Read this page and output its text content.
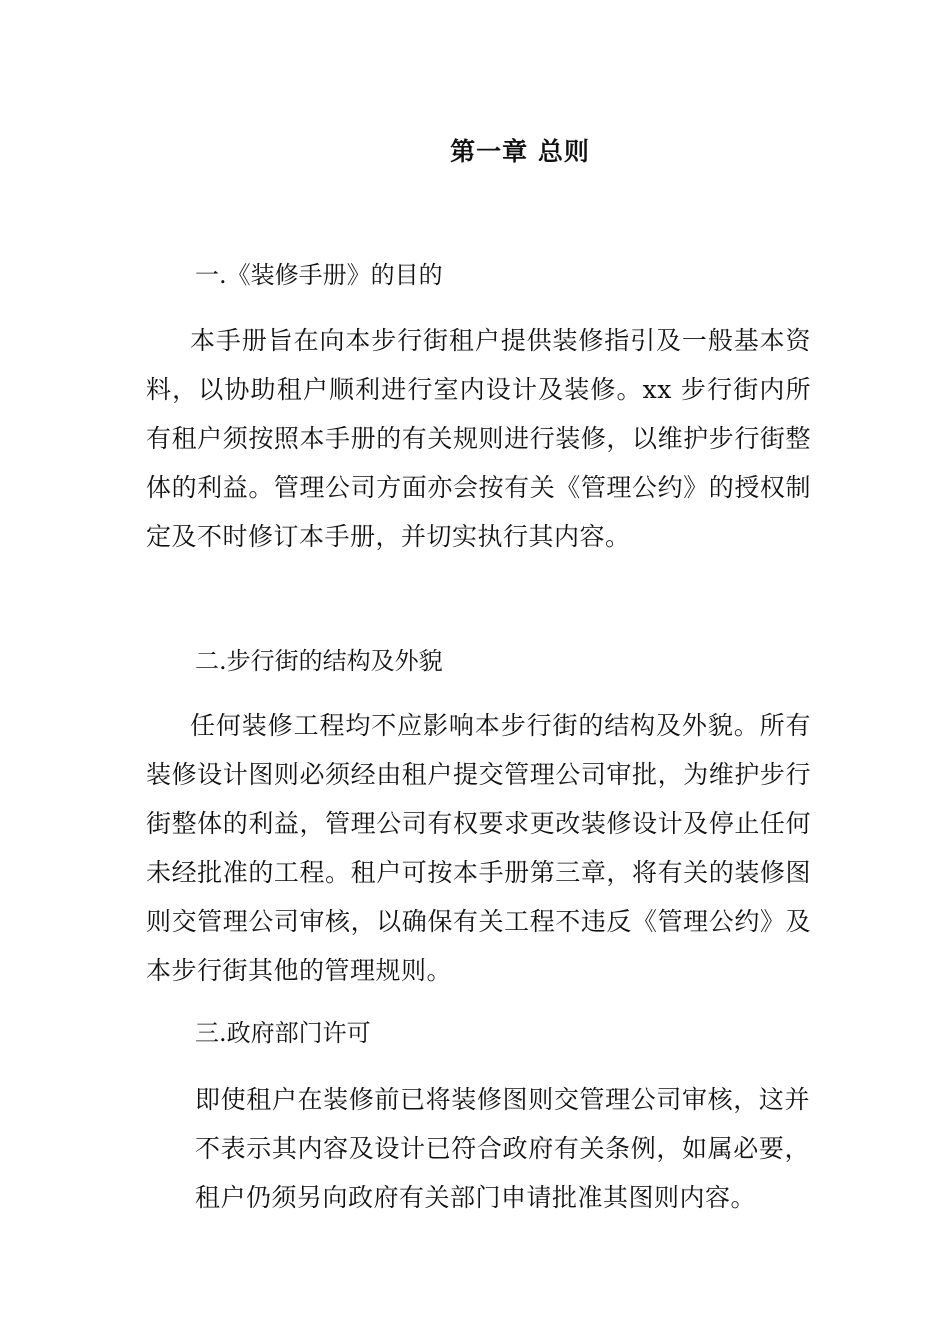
第一章 总则
一.《装修手册》的目的
本手册旨在向本步行街租户提供装修指引及一般基本资料，以协助租户顺利进行室内设计及装修。xx 步行街内所有租户须按照本手册的有关规则进行装修，以维护步行街整体的利益。管理公司方面亦会按有关《管理公约》的授权制定及不时修订本手册，并切实执行其内容。
二.步行街的结构及外貌
任何装修工程均不应影响本步行街的结构及外貌。所有装修设计图则必须经由租户提交管理公司审批，为维护步行街整体的利益，管理公司有权要求更改装修设计及停止任何未经批准的工程。租户可按本手册第三章，将有关的装修图则交管理公司审核，以确保有关工程不违反《管理公约》及本步行街其他的管理规则。
三.政府部门许可
即使租户在装修前已将装修图则交管理公司审核，这并不表示其内容及设计已符合政府有关条例，如属必要，租户仍须另向政府有关部门申请批准其图则内容。
